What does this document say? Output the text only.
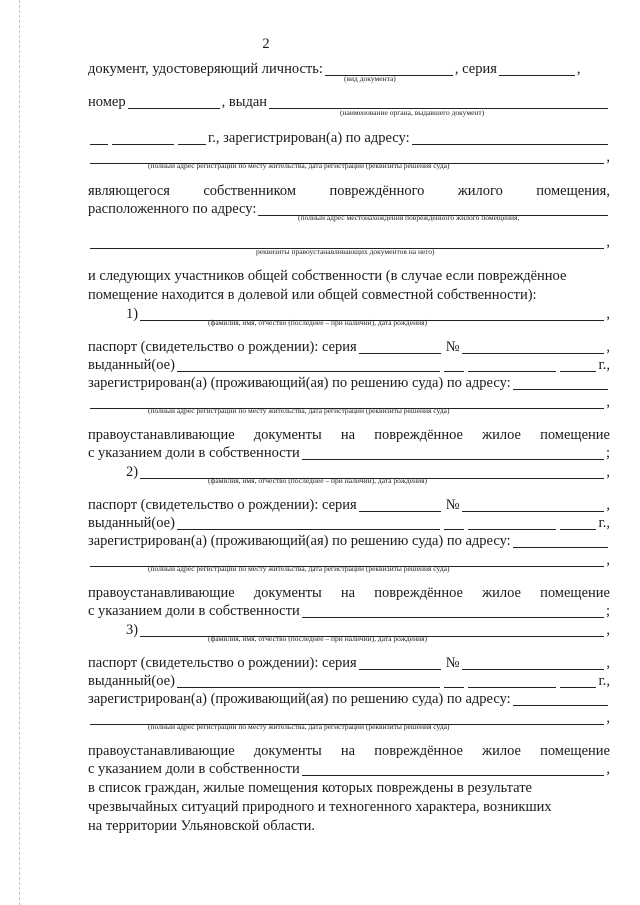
2
документ, удостоверяющий личность:	, серия	,
(вид документа)
номер	, выдан
(наименование органа, выдавшего документ)
г., зарегистрирован(а) по адресу:
,
(полный адрес регистрации по месту жительства, дата регистрации (реквизиты решения суда)
являющегося собственником повреждённого жилого помещения,
расположенного по адресу:
(полный адрес местонахождения повреждённого жилого помещения,
,
реквизиты правоустанавливающих документов на него)
и следующих участников общей собственности (в случае если повреждённое
помещение находится в долевой или общей совместной собственности):
1)	,
(фамилия, имя, отчество (последнее – при наличии), дата рождения)
паспорт (свидетельство о рождении): серия	№	,
выданный(ое)	г.,
зарегистрирован(а) (проживающий(ая) по решению суда) по адресу:
,
(полный адрес регистрации по месту жительства, дата регистрации (реквизиты решения суда)
правоустанавливающие документы на повреждённое жилое помещение
с указанием доли в собственности	;
2)	,
(фамилия, имя, отчество (последнее – при наличии), дата рождения)
паспорт (свидетельство о рождении): серия	№	,
выданный(ое)	г.,
зарегистрирован(а) (проживающий(ая) по решению суда) по адресу:
,
(полный адрес регистрации по месту жительства, дата регистрации (реквизиты решения суда)
правоустанавливающие документы на повреждённое жилое помещение
с указанием доли в собственности	;
3)	,
(фамилия, имя, отчество (последнее – при наличии), дата рождения)
паспорт (свидетельство о рождении): серия	№	,
выданный(ое)	г.,
зарегистрирован(а) (проживающий(ая) по решению суда) по адресу:
,
(полный адрес регистрации по месту жительства, дата регистрации (реквизиты решения суда)
правоустанавливающие документы на повреждённое жилое помещение
с указанием доли в собственности	,
в список граждан, жилые помещения которых повреждены в результате
чрезвычайных ситуаций природного и техногенного характера, возникших
на территории Ульяновской области.
